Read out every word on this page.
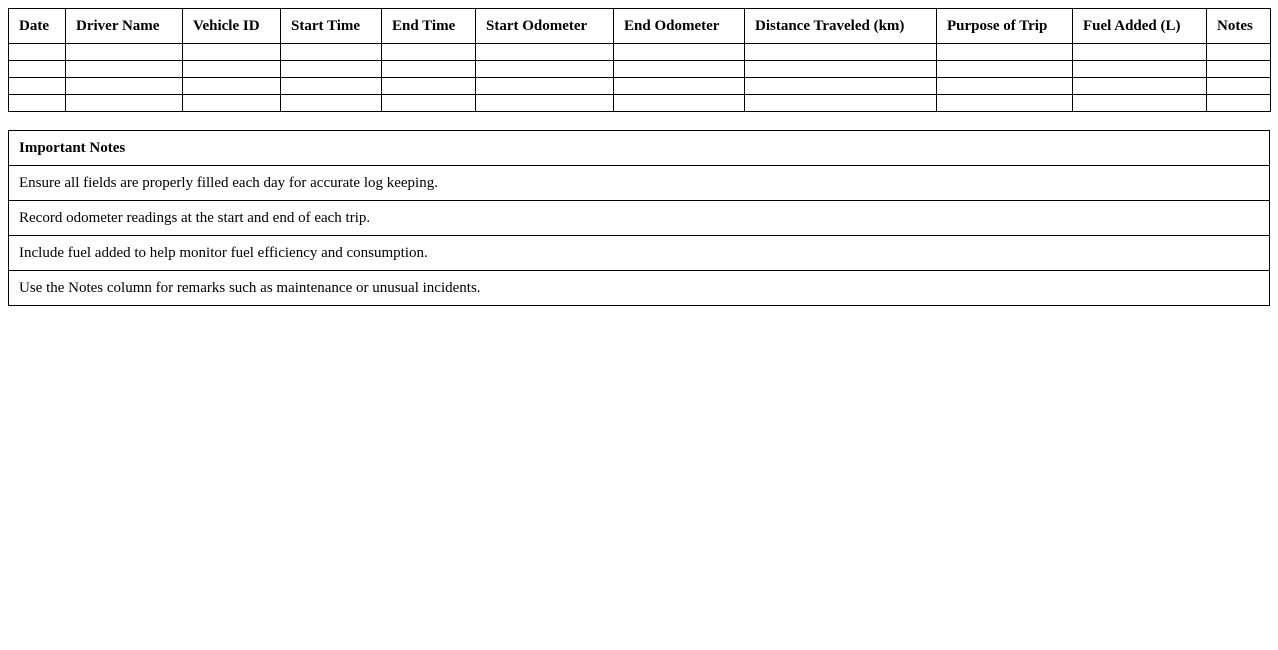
Date	Driver Name	Vehicle ID	Start Time	End Time	Start Odometer	End Odometer	Distance Traveled (km)	Purpose of Trip	Fuel Added (L)	Notes

Important Notes
Ensure all fields are properly filled each day for accurate log keeping.
Record odometer readings at the start and end of each trip.
Include fuel added to help monitor fuel efficiency and consumption.
Use the Notes column for remarks such as maintenance or unusual incidents.
